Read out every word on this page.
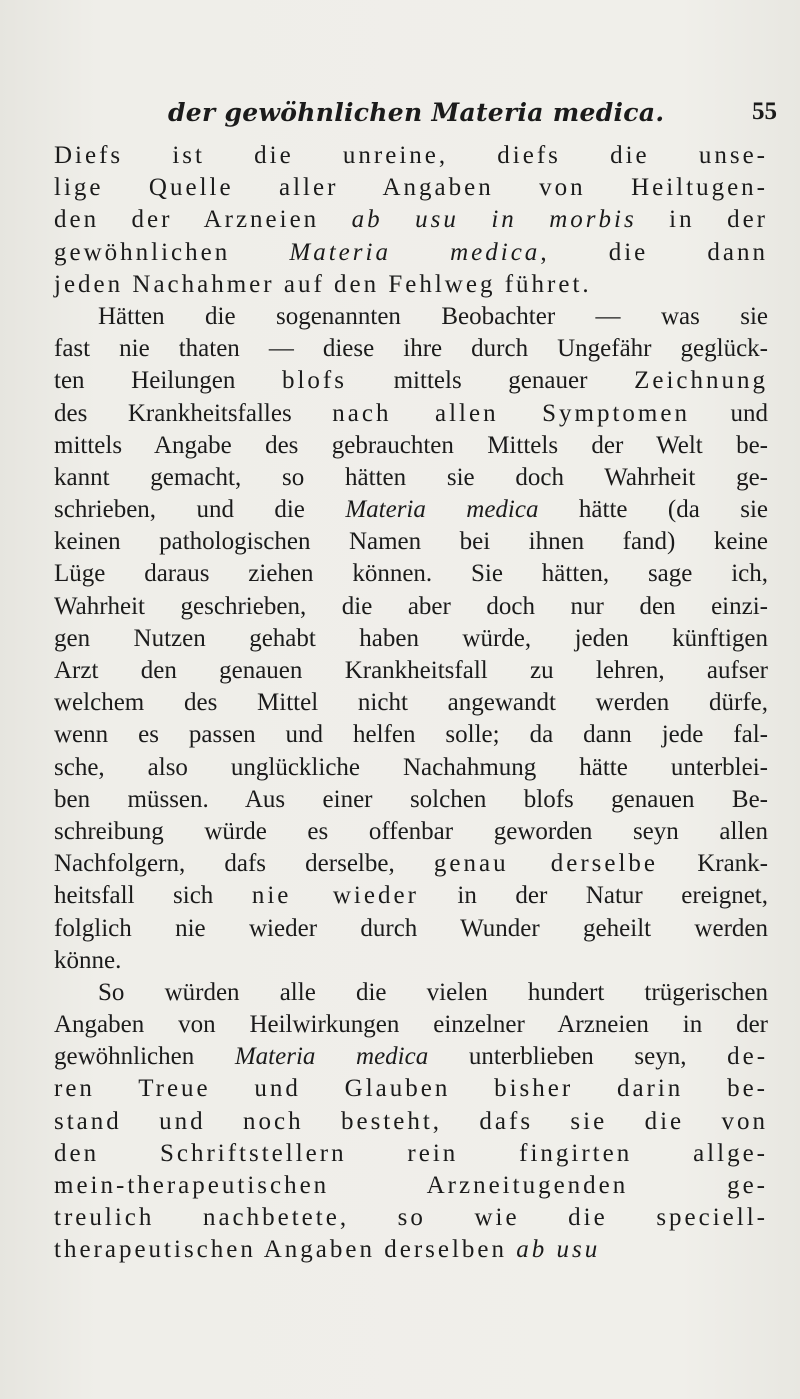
der gewöhnlichen Materia medica.	55
Diefs ist die unreine, diefs die unse-
lige Quelle aller Angaben von Heiltugen-
den der Arzneien ab usu in morbis in der
gewöhnlichen Materia medica, die dann
jeden Nachahmer auf den Fehlweg führet.
Hätten die sogenannten Beobachter — was sie
fast nie thaten — diese ihre durch Ungefähr geglück-
ten Heilungen blofs mittels genauer Zeichnung
des Krankheitsfalles nach allen Symptomen und
mittels Angabe des gebrauchten Mittels der Welt be-
kannt gemacht, so hätten sie doch Wahrheit ge-
schrieben, und die Materia medica hätte (da sie
keinen pathologischen Namen bei ihnen fand) keine
Lüge daraus ziehen können. Sie hätten, sage ich,
Wahrheit geschrieben, die aber doch nur den einzi-
gen Nutzen gehabt haben würde, jeden künftigen
Arzt den genauen Krankheitsfall zu lehren, aufser
welchem des Mittel nicht angewandt werden dürfe,
wenn es passen und helfen solle; da dann jede fal-
sche, also unglückliche Nachahmung hätte unterblei-
ben müssen. Aus einer solchen blofs genauen Be-
schreibung würde es offenbar geworden seyn allen
Nachfolgern, dafs derselbe, genau derselbe Krank-
heitsfall sich nie wieder in der Natur ereignet,
folglich nie wieder durch Wunder geheilt werden
könne.
So würden alle die vielen hundert trügerischen
Angaben von Heilwirkungen einzelner Arzneien in der
gewöhnlichen Materia medica unterblieben seyn, de-
ren Treue und Glauben bisher darin be-
stand und noch besteht, dafs sie die von
den Schriftstellern rein fingirten allge-
mein-therapeutischen Arzneitugenden ge-
treulich nachbetete, so wie die speciell-
therapeutischen Angaben derselben ab usu
